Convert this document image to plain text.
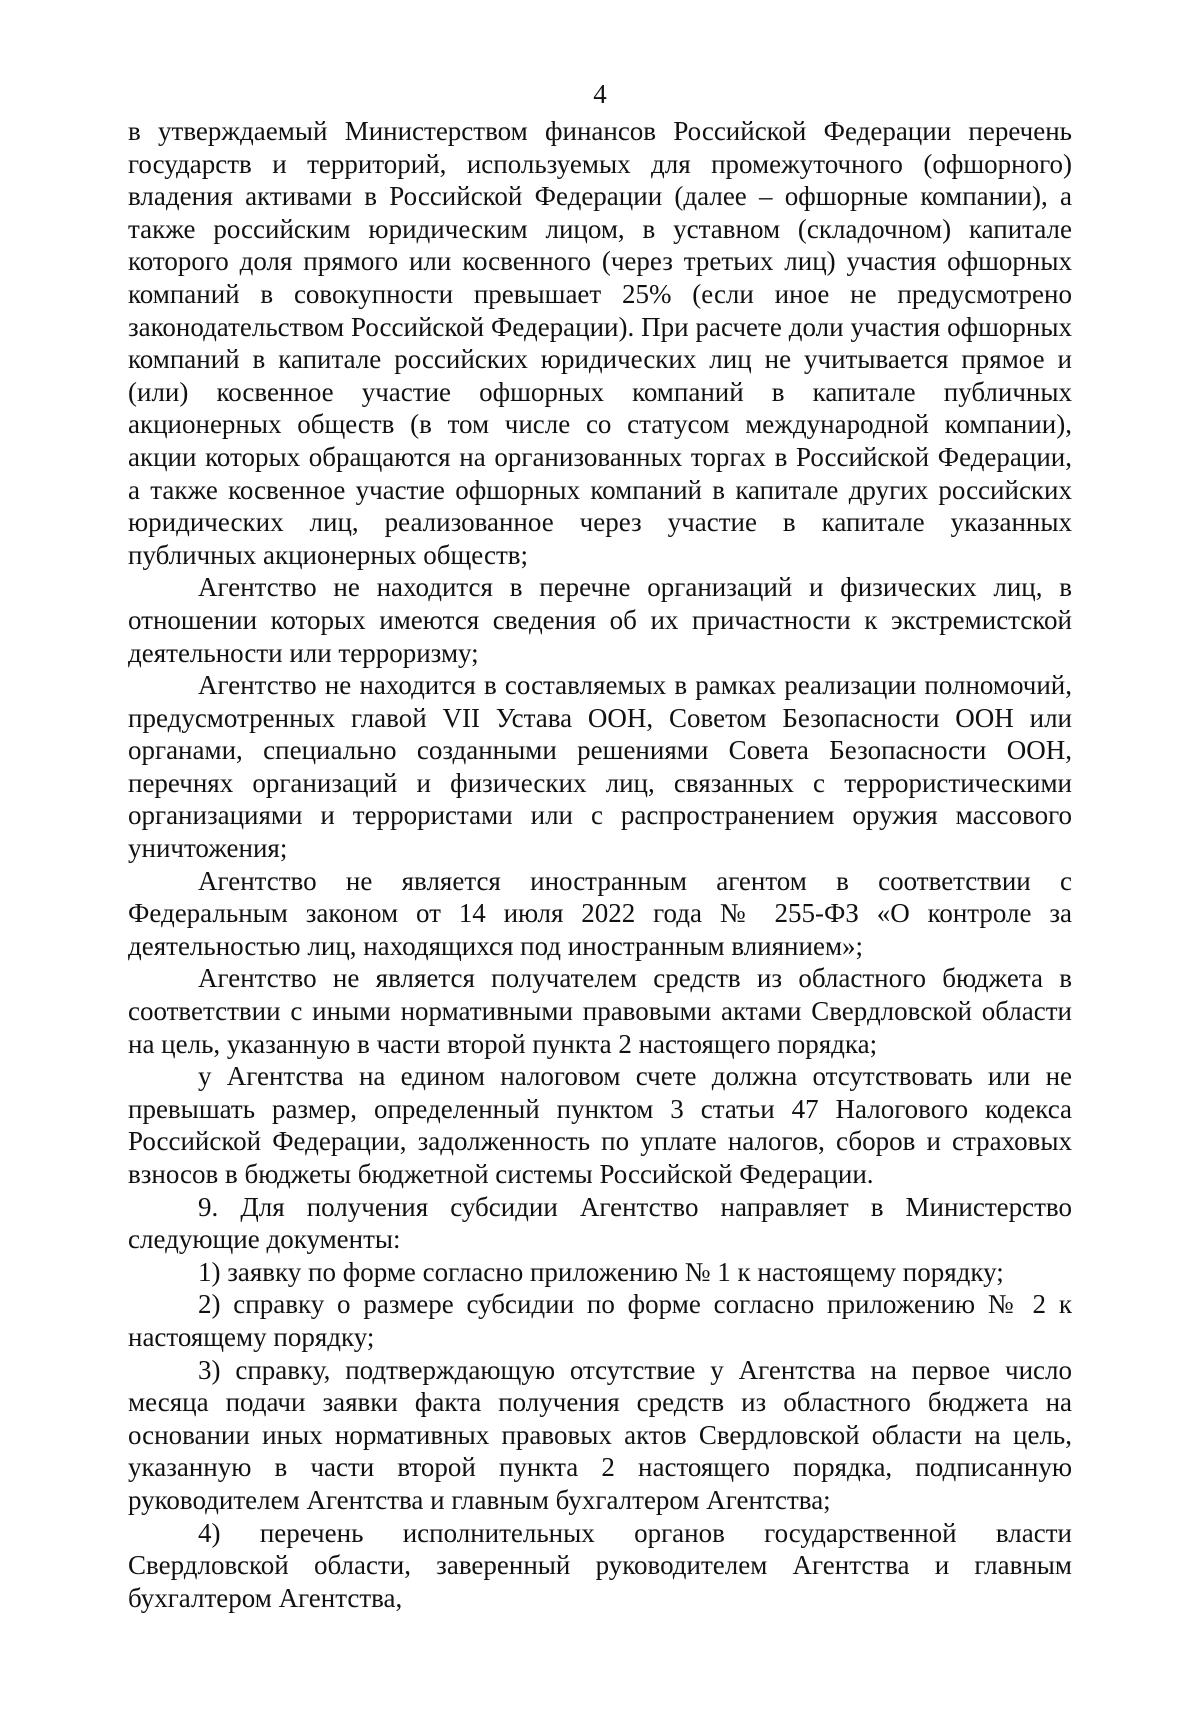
4

в утверждаемый Министерством финансов Российской Федерации перечень государств и территорий, используемых для промежуточного (офшорного) владения активами в Российской Федерации (далее – офшорные компании), а также российским юридическим лицом, в уставном (складочном) капитале которого доля прямого или косвенного (через третьих лиц) участия офшорных компаний в совокупности превышает 25% (если иное не предусмотрено законодательством Российской Федерации). При расчете доли участия офшорных компаний в капитале российских юридических лиц не учитывается прямое и (или) косвенное участие офшорных компаний в капитале публичных акционерных обществ (в том числе со статусом международной компании), акции которых обращаются на организованных торгах в Российской Федерации, а также косвенное участие офшорных компаний в капитале других российских юридических лиц, реализованное через участие в капитале указанных публичных акционерных обществ;

Агентство не находится в перечне организаций и физических лиц, в отношении которых имеются сведения об их причастности к экстремистской деятельности или терроризму;

Агентство не находится в составляемых в рамках реализации полномочий, предусмотренных главой VII Устава ООН, Советом Безопасности ООН или органами, специально созданными решениями Совета Безопасности ООН, перечнях организаций и физических лиц, связанных с террористическими организациями и террористами или с распространением оружия массового уничтожения;

Агентство не является иностранным агентом в соответствии с Федеральным законом от 14 июля 2022 года № 255-ФЗ «О контроле за деятельностью лиц, находящихся под иностранным влиянием»;

Агентство не является получателем средств из областного бюджета в соответствии с иными нормативными правовыми актами Свердловской области на цель, указанную в части второй пункта 2 настоящего порядка;

у Агентства на едином налоговом счете должна отсутствовать или не превышать размер, определенный пунктом 3 статьи 47 Налогового кодекса Российской Федерации, задолженность по уплате налогов, сборов и страховых взносов в бюджеты бюджетной системы Российской Федерации.

9. Для получения субсидии Агентство направляет в Министерство следующие документы:

1) заявку по форме согласно приложению № 1 к настоящему порядку;

2) справку о размере субсидии по форме согласно приложению № 2 к настоящему порядку;

3) справку, подтверждающую отсутствие у Агентства на первое число месяца подачи заявки факта получения средств из областного бюджета на основании иных нормативных правовых актов Свердловской области на цель, указанную в части второй пункта 2 настоящего порядка, подписанную руководителем Агентства и главным бухгалтером Агентства;

4) перечень исполнительных органов государственной власти Свердловской области, заверенный руководителем Агентства и главным бухгалтером Агентства,
